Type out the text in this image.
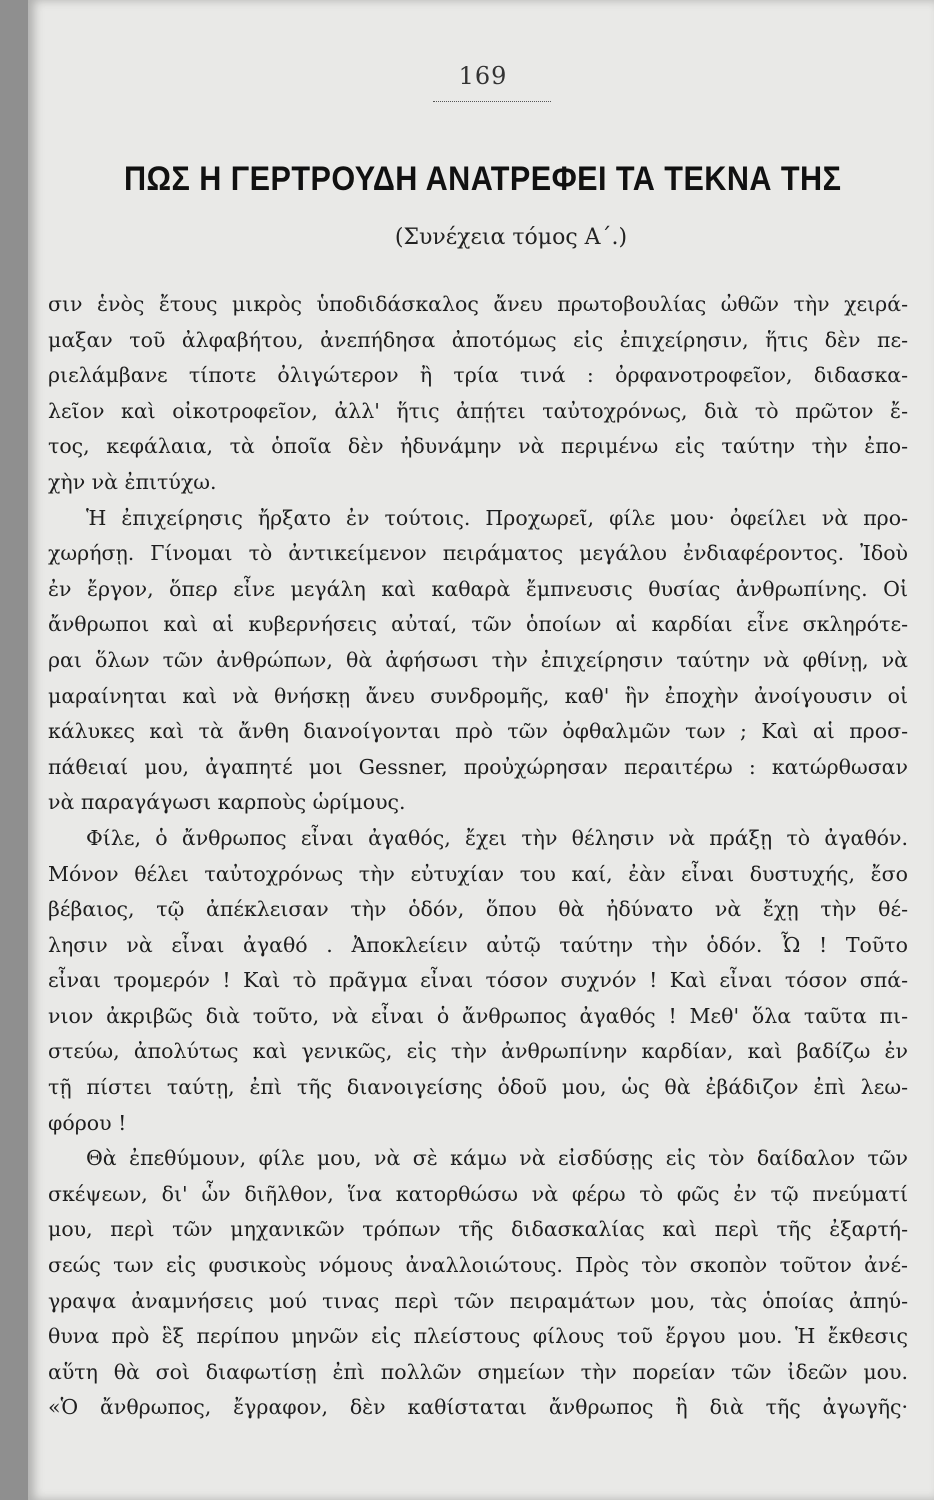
169
ΠΩΣ Η ΓΕΡΤΡΟΥΔΗ ΑΝΑΤΡΕΦΕΙ ΤΑ ΤΕΚΝΑ ΤΗΣ
(Συνέχεια τόμος Α΄.)
σιν ἑνὸς ἔτους μικρὸς ὑποδιδάσκαλος ἄνευ πρωτοβουλίας ὠθῶν τὴν χειρά-
μαξαν τοῦ ἀλφαβήτου, ἀνεπήδησα ἀποτόμως εἰς ἐπιχείρησιν, ἥτις δὲν πε-
ριελάμβανε τίποτε ὀλιγώτερον ἢ τρία τινά : ὀρφανοτροφεῖον, διδασκα-
λεῖον καὶ οἰκοτροφεῖον, ἀλλ' ἥτις ἀπῄτει ταὐτοχρόνως, διὰ τὸ πρῶτον ἔ-
τος, κεφάλαια, τὰ ὁποῖα δὲν ἠδυνάμην νὰ περιμένω εἰς ταύτην τὴν ἐπο-
χὴν νὰ ἐπιτύχω.
Ἡ ἐπιχείρησις ἤρξατο ἐν τούτοις. Προχωρεῖ, φίλε μου· ὀφείλει νὰ προ-
χωρήσῃ. Γίνομαι τὸ ἀντικείμενον πειράματος μεγάλου ἐνδιαφέροντος. Ἰδοὺ
ἐν ἔργον, ὅπερ εἶνε μεγάλη καὶ καθαρὰ ἔμπνευσις θυσίας ἀνθρωπίνης. Οἱ
ἄνθρωποι καὶ αἱ κυβερνήσεις αὐταί, τῶν ὁποίων αἱ καρδίαι εἶνε σκληρότε-
ραι ὅλων τῶν ἀνθρώπων, θὰ ἀφήσωσι τὴν ἐπιχείρησιν ταύτην νὰ φθίνῃ, νὰ
μαραίνηται καὶ νὰ θνήσκῃ ἄνευ συνδρομῆς, καθ' ἣν ἐποχὴν ἀνοίγουσιν οἱ
κάλυκες καὶ τὰ ἄνθη διανοίγονται πρὸ τῶν ὀφθαλμῶν των ; Καὶ αἱ προσ-
πάθειαί μου, ἀγαπητέ μοι Gessner, προὐχώρησαν περαιτέρω : κατώρθωσαν
νὰ παραγάγωσι καρποὺς ὡρίμους.
Φίλε, ὁ ἄνθρωπος εἶναι ἀγαθός, ἔχει τὴν θέλησιν νὰ πράξῃ τὸ ἀγαθόν.
Μόνον θέλει ταὐτοχρόνως τὴν εὐτυχίαν του καί, ἐὰν εἶναι δυστυχής, ἔσο
βέβαιος, τῷ ἀπέκλεισαν τὴν ὁδόν, ὅπου θὰ ἠδύνατο νὰ ἔχῃ τὴν θέ-
λησιν νὰ εἶναι ἀγαθό . Ἀποκλείειν αὐτῷ ταύτην τὴν ὁδόν. Ὦ ! Τοῦτο
εἶναι τρομερόν ! Καὶ τὸ πρᾶγμα εἶναι τόσον συχνόν ! Καὶ εἶναι τόσον σπά-
νιον ἀκριβῶς διὰ τοῦτο, νὰ εἶναι ὁ ἄνθρωπος ἀγαθός ! Μεθ' ὅλα ταῦτα πι-
στεύω, ἀπολύτως καὶ γενικῶς, εἰς τὴν ἀνθρωπίνην καρδίαν, καὶ βαδίζω ἐν
τῇ πίστει ταύτῃ, ἐπὶ τῆς διανοιγείσης ὁδοῦ μου, ὡς θὰ ἐβάδιζον ἐπὶ λεω-
φόρου !
Θὰ ἐπεθύμουν, φίλε μου, νὰ σὲ κάμω νὰ εἰσδύσῃς εἰς τὸν δαίδαλον τῶν
σκέψεων, δι' ὧν διῆλθον, ἵνα κατορθώσω νὰ φέρω τὸ φῶς ἐν τῷ πνεύματί
μου, περὶ τῶν μηχανικῶν τρόπων τῆς διδασκαλίας καὶ περὶ τῆς ἐξαρτή-
σεώς των εἰς φυσικοὺς νόμους ἀναλλοιώτους. Πρὸς τὸν σκοπὸν τοῦτον ἀνέ-
γραψα ἀναμνήσεις μού τινας περὶ τῶν πειραμάτων μου, τὰς ὁποίας ἀπηύ-
θυνα πρὸ ἓξ περίπου μηνῶν εἰς πλείστους φίλους τοῦ ἔργου μου. Ἡ ἔκθεσις
αὕτη θὰ σοὶ διαφωτίσῃ ἐπὶ πολλῶν σημείων τὴν πορείαν τῶν ἰδεῶν μου.
«Ὁ ἄνθρωπος, ἔγραφον, δὲν καθίσταται ἄνθρωπος ἢ διὰ τῆς ἀγωγῆς·
